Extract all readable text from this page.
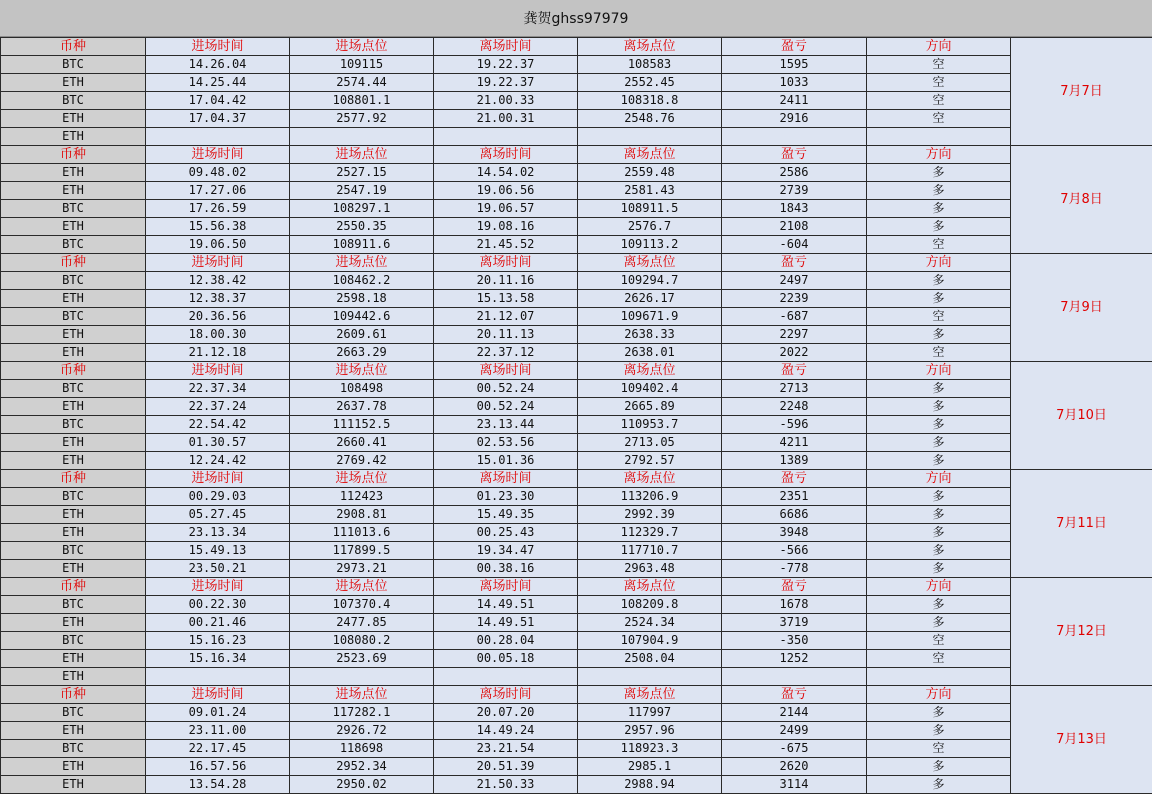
龚贺ghss97979
币种	进场时间	进场点位	离场时间	离场点位	盈亏	方向	7月7日
BTC	14.26.04	109115	19.22.37	108583	1595	空	
ETH	14.25.44	2574.44	19.22.37	2552.45	1033	空	
BTC	17.04.42	108801.1	21.00.33	108318.8	2411	空	
ETH	17.04.37	2577.92	21.00.31	2548.76	2916	空	
ETH							
币种	进场时间	进场点位	离场时间	离场点位	盈亏	方向	7月8日
ETH	09.48.02	2527.15	14.54.02	2559.48	2586	多	
ETH	17.27.06	2547.19	19.06.56	2581.43	2739	多	
BTC	17.26.59	108297.1	19.06.57	108911.5	1843	多	
ETH	15.56.38	2550.35	19.08.16	2576.7	2108	多	
BTC	19.06.50	108911.6	21.45.52	109113.2	-604	空	
币种	进场时间	进场点位	离场时间	离场点位	盈亏	方向	7月9日
BTC	12.38.42	108462.2	20.11.16	109294.7	2497	多	
ETH	12.38.37	2598.18	15.13.58	2626.17	2239	多	
BTC	20.36.56	109442.6	21.12.07	109671.9	-687	空	
ETH	18.00.30	2609.61	20.11.13	2638.33	2297	多	
ETH	21.12.18	2663.29	22.37.12	2638.01	2022	空	
币种	进场时间	进场点位	离场时间	离场点位	盈亏	方向	7月10日
BTC	22.37.34	108498	00.52.24	109402.4	2713	多	
ETH	22.37.24	2637.78	00.52.24	2665.89	2248	多	
BTC	22.54.42	111152.5	23.13.44	110953.7	-596	多	
ETH	01.30.57	2660.41	02.53.56	2713.05	4211	多	
ETH	12.24.42	2769.42	15.01.36	2792.57	1389	多	
币种	进场时间	进场点位	离场时间	离场点位	盈亏	方向	7月11日
BTC	00.29.03	112423	01.23.30	113206.9	2351	多	
ETH	05.27.45	2908.81	15.49.35	2992.39	6686	多	
ETH	23.13.34	111013.6	00.25.43	112329.7	3948	多	
BTC	15.49.13	117899.5	19.34.47	117710.7	-566	多	
ETH	23.50.21	2973.21	00.38.16	2963.48	-778	多	
币种	进场时间	进场点位	离场时间	离场点位	盈亏	方向	7月12日
BTC	00.22.30	107370.4	14.49.51	108209.8	1678	多	
ETH	00.21.46	2477.85	14.49.51	2524.34	3719	多	
BTC	15.16.23	108080.2	00.28.04	107904.9	-350	空	
ETH	15.16.34	2523.69	00.05.18	2508.04	1252	空	
ETH							
币种	进场时间	进场点位	离场时间	离场点位	盈亏	方向	7月13日
BTC	09.01.24	117282.1	20.07.20	117997	2144	多	
ETH	23.11.00	2926.72	14.49.24	2957.96	2499	多	
BTC	22.17.45	118698	23.21.54	118923.3	-675	空	
ETH	16.57.56	2952.34	20.51.39	2985.1	2620	多	
ETH	13.54.28	2950.02	21.50.33	2988.94	3114	多	
